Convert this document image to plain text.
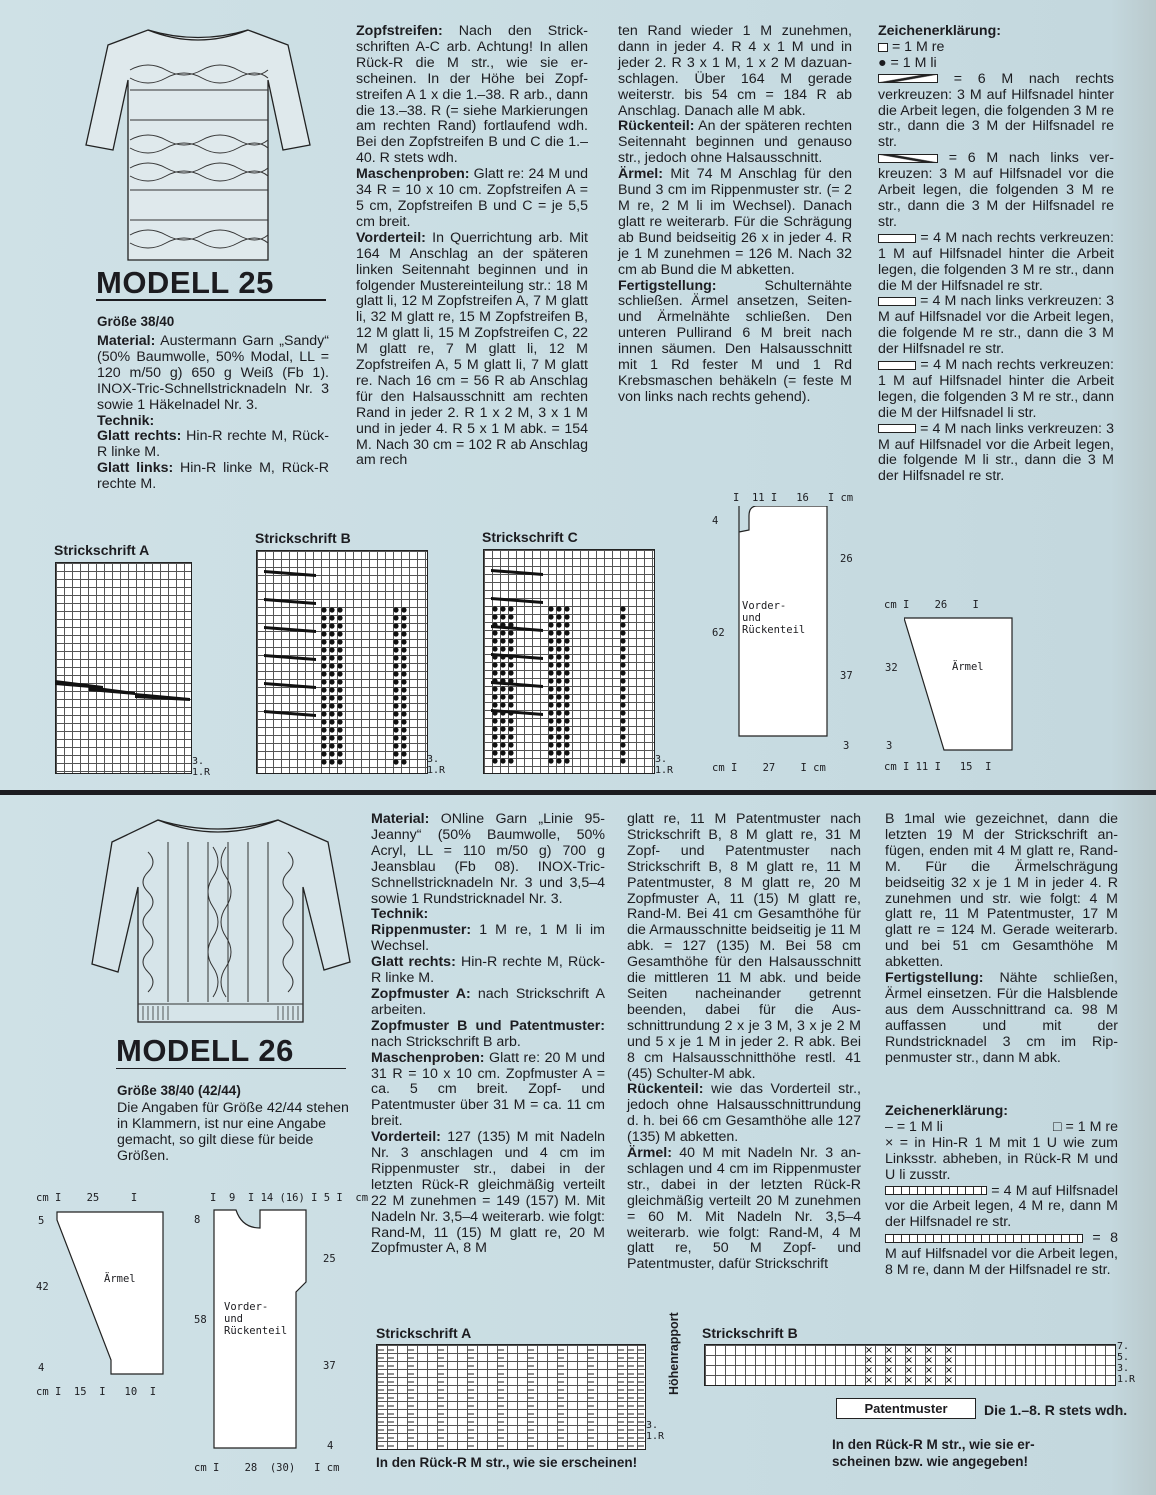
MODELL 25
Größe 38/40

Material: Austermann Garn „Sandy“ (50% Baumwolle, 50% Modal, LL = 120 m/50 g) 650 g Weiß (Fb 1). INOX-Tric-Schnellstricknadeln Nr. 3 sowie 1 Häkelnadel Nr. 3.

Technik:

Glatt rechts: Hin-R rechte M, Rück-R linke M.

Glatt links: Hin-R linke M, Rück-R rechte M.

Zopfstreifen: Nach den Strickschriften A-C arb. Achtung! In allen Rück-R die M str., wie sie erscheinen. In der Höhe bei Zopfstreifen A 1 x die 1.–38. R arb., dann die 13.–38. R (= siehe Markierungen am rechten Rand) fortlaufend wdh. Bei den Zopfstreifen B und C die 1.–40. R stets wdh.

Maschenproben: Glatt re: 24 M und 34 R = 10 x 10 cm. Zopfstreifen A = 5 cm, Zopfstreifen B und C = je 5,5 cm breit.

Vorderteil: In Querrichtung arb. Mit 164 M Anschlag an der späteren linken Seitennaht beginnen und in folgender Mustereinteilung str.: 18 M glatt li, 12 M Zopfstreifen A, 7 M glatt li, 32 M glatt re, 15 M Zopfstreifen B, 12 M glatt li, 15 M Zopfstreifen C, 22 M glatt re, 7 M glatt li, 12 M Zopfstreifen A, 5 M glatt li, 7 M glatt re. Nach 16 cm = 56 R ab Anschlag für den Halsausschnitt am rechten Rand in jeder 2. R 1 x 2 M, 3 x 1 M und in jeder 4. R 5 x 1 M abk. = 154 M. Nach 30 cm = 102 R ab Anschlag am rech

ten Rand wieder 1 M zunehmen, dann in jeder 4. R 4 x 1 M und in jeder 2. R 3 x 1 M, 1 x 2 M dazuanschlagen. Über 164 M gerade weiterstr. bis 54 cm = 184 R ab Anschlag. Danach alle M abk.

Rückenteil: An der späteren rechten Seitennaht beginnen und genauso str., jedoch ohne Halsausschnitt.

Ärmel: Mit 74 M Anschlag für den Bund 3 cm im Rippenmuster str. (= 2 M re, 2 M li im Wechsel). Danach glatt re weiterarb. Für die Schrägung ab Bund beidseitig 26 x in jeder 4. R je 1 M zunehmen = 126 M. Nach 32 cm ab Bund die M abketten.

Fertigstellung: Schulternähte schließen. Ärmel ansetzen, Seiten- und Ärmelnähte schließen. Den unteren Pullirand 6 M breit nach innen säumen. Den Halsausschnitt mit 1 Rd fester M und 1 Rd Krebsmaschen behäkeln (= feste M von links nach rechts gehend).

Zeichenerklärung:

= 1 M re

● = 1 M li

= 6 M nach rechts verkreuzen: 3 M auf Hilfsnadel hinter die Arbeit legen, die folgenden 3 M re str., dann die 3 M der Hilfsnadel re str.

= 6 M nach links verkreuzen: 3 M auf Hilfsnadel vor die Arbeit legen, die folgenden 3 M re str., dann die 3 M der Hilfsnadel re str.

= 4 M nach rechts verkreuzen: 1 M auf Hilfsnadel hinter die Arbeit legen, die folgenden 3 M re str., dann die M der Hilfsnadel re str.

= 4 M nach links verkreuzen: 3 M auf Hilfsnadel vor die Arbeit legen, die folgende M re str., dann die 3 M der Hilfsnadel re str.

= 4 M nach rechts verkreuzen: 1 M auf Hilfsnadel hinter die Arbeit legen, die folgenden 3 M re str., dann die M der Hilfsnadel li str.

= 4 M nach links verkreuzen: 3 M auf Hilfsnadel vor die Arbeit legen, die folgende M li str., dann die 3 M der Hilfsnadel re str.

Strickschrift A
3.
1.R
Strickschrift B
3.
1.R
Strickschrift C
3.
1.R
I  11 I   16   I cm
4
26
62
37
3
Vorder-
und
Rückenteil
cm I    27    I cm
cm I    26    I
32
3
Ärmel
cm I 11 I   15  I
MODELL 26
Größe 38/40 (42/44)
Die Angaben für Größe 42/44 stehen in Klammern, ist nur eine Angabe gemacht, so gilt diese für beide Größen.

Material: ONline Garn „Linie 95-Jeanny“ (50% Baumwolle, 50% Acryl, LL = 110 m/50 g) 700 g Jeansblau (Fb 08). INOX-Tric-Schnellstricknadeln Nr. 3 und 3,5–4 sowie 1 Rundstricknadel Nr. 3.

Technik:

Rippenmuster: 1 M re, 1 M li im Wechsel.

Glatt rechts: Hin-R rechte M, Rück-R linke M.

Zopfmuster A: nach Strickschrift A arbeiten.

Zopfmuster B und Patentmuster: nach Strickschrift B arb.

Maschenproben: Glatt re: 20 M und 31 R = 10 x 10 cm. Zopfmuster A = ca. 5 cm breit. Zopf- und Patentmuster über 31 M = ca. 11 cm breit.

Vorderteil: 127 (135) M mit Nadeln Nr. 3 anschlagen und 4 cm im Rippenmuster str., dabei in der letzten Rück-R gleichmäßig verteilt 22 M zunehmen = 149 (157) M. Mit Nadeln Nr. 3,5–4 weiterarb. wie folgt: Rand-M, 11 (15) M glatt re, 20 M Zopfmuster A, 8 M

glatt re, 11 M Patentmuster nach Strickschrift B, 8 M glatt re, 31 M Zopf- und Patentmuster nach Strickschrift B, 8 M glatt re, 11 M Patentmuster, 8 M glatt re, 20 M Zopfmuster A, 11 (15) M glatt re, Rand-M. Bei 41 cm Gesamthöhe für die Armausschnitte beidseitig je 11 M abk. = 127 (135) M. Bei 58 cm Gesamthöhe für den Halsausschnitt die mittleren 11 M abk. und beide Seiten nacheinander getrennt beenden, dabei für die Ausschnittrundung 2 x je 3 M, 3 x je 2 M und 5 x je 1 M in jeder 2. R abk. Bei 8 cm Halsausschnitthöhe restl. 41 (45) Schulter-M abk.

Rückenteil: wie das Vorderteil str., jedoch ohne Halsausschnittrundung d. h. bei 66 cm Gesamthöhe alle 127 (135) M abketten.

Ärmel: 40 M mit Nadeln Nr. 3 anschlagen und 4 cm im Rippenmuster str., dabei in der letzten Rück-R gleichmäßig verteilt 20 M zunehmen = 60 M. Mit Nadeln Nr. 3,5–4 weiterarb. wie folgt: Rand-M, 4 M glatt re, 50 M Zopf- und Patentmuster, dafür Strickschrift

B 1mal wie gezeichnet, dann die letzten 19 M der Strickschrift anfügen, enden mit 4 M glatt re, Rand-M. Für die Ärmelschrägung beidseitig 32 x je 1 M in jeder 4. R zunehmen und str. wie folgt: 4 M glatt re, 11 M Patentmuster, 17 M glatt re = 124 M. Gerade weiterarb. und bei 51 cm Gesamthöhe M abketten.

Fertigstellung: Nähte schließen, Ärmel einsetzen. Für die Halsblende aus dem Ausschnittrand ca. 98 M auffassen und mit der Rundstricknadel 3 cm im Rippenmuster str., dann M abk.

Zeichenerklärung:

– = 1 M li	□ = 1 M re

× = in Hin-R 1 M mit 1 U wie zum Linksstr. abheben, in Rück-R M und U li zusstr.

= 4 M auf Hilfsnadel vor die Arbeit legen, 4 M re, dann M der Hilfsnadel re str.

= 8 M auf Hilfsnadel vor die Arbeit legen, 8 M re, dann M der Hilfsnadel re str.

cm I    25     I
5
42
4
Ärmel
cm I  15  I   10  I
I  9  I 14 (16) I 5 I  cm
8
25
58
37
4
Vorder-
und
Rückenteil
cm I    28  (30)   I cm
Strickschrift A
3.
1.R
Höhenrapport
In den Rück-R M str., wie sie erscheinen!
Strickschrift B
×
×
×
×
×
×
×
×
×
×
×
×
×
×
×
×
×
×
×
×
7.
5.
3.
1.R
Patentmuster	Die 1.–8. R stets wdh.
In den Rück-R M str., wie sie erscheinen bzw. wie angegeben!
